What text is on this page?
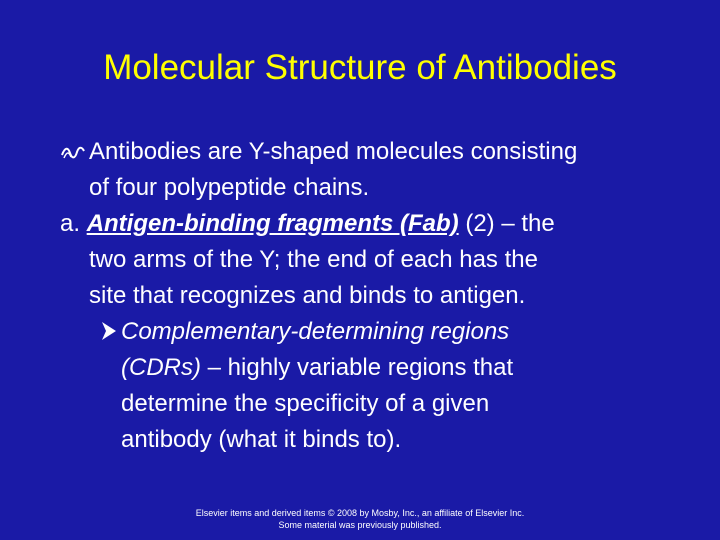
Molecular Structure of Antibodies
Antibodies are Y-shaped molecules consisting
of four polypeptide chains.
a. Antigen-binding fragments (Fab) (2) – the
two arms of the Y; the end of each has the
site that recognizes and binds to antigen.
Complementary-determining regions
(CDRs) – highly variable regions that
determine the specificity of a given
antibody (what it binds to).
Elsevier items and derived items © 2008 by Mosby, Inc., an affiliate of Elsevier Inc.
Some material was previously published.
